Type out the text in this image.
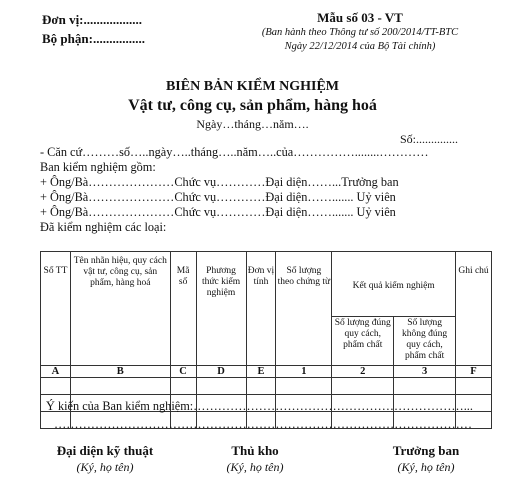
Đơn vị:..................
Bộ phận:................
Mẫu số 03 - VT
(Ban hành theo Thông tư số 200/2014/TT-BTC
Ngày 22/12/2014 của Bộ Tài chính)
BIÊN BẢN KIỂM NGHIỆM
Vật tư, công cụ, sản phẩm, hàng hoá
Ngày…tháng…năm….
Số:..............
- Căn cứ………số…..ngày…..tháng…..năm…..của……………........…………
Ban kiểm nghiệm gồm:
+ Ông/Bà…………………Chức vụ…………Đại diện……...Trưởng ban
+ Ông/Bà…………………Chức vụ…………Đại diện……....... Uỷ viên
+ Ông/Bà…………………Chức vụ…………Đại diện……....... Uỷ viên
Đã kiểm nghiệm các loại:
Số TT	Tên nhãn hiệu, quy cách vật tư, công cụ, sản phẩm, hàng hoá	Mã số	Phương thức kiểm nghiệm	Đơn vị tính	Số lượng theo chứng từ	Kết quả kiểm nghiệm		Ghi chú
						Số lượng đúng quy cách, phẩm chất	Số lượng không đúng quy cách, phẩm chất	
A	B	C	D	E	1	2	3	F

Ý kiến của Ban kiểm nghiệm:…………………………………………………………...
…………………………………………………………………………………………
Đại diện kỹ thuật
(Ký, họ tên)
Thủ kho
(Ký, họ tên)
Trưởng ban
(Ký, họ tên)
